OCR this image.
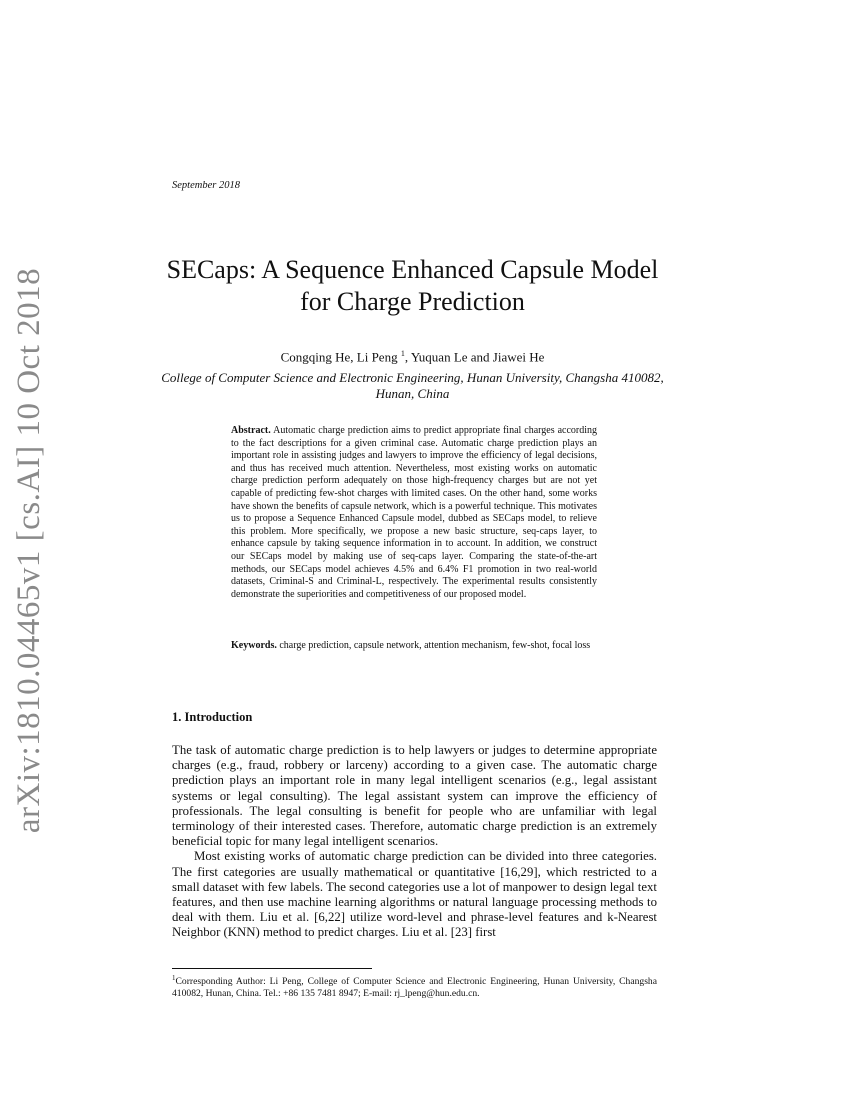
arXiv:1810.04465v1 [cs.AI] 10 Oct 2018
September 2018
SECaps: A Sequence Enhanced Capsule Model for Charge Prediction
Congqing He, Li Peng $^1$, Yuquan Le and Jiawei He
College of Computer Science and Electronic Engineering, Hunan University, Changsha 410082, Hunan, China
Abstract. Automatic charge prediction aims to predict appropriate final charges according to the fact descriptions for a given criminal case. Automatic charge prediction plays an important role in assisting judges and lawyers to improve the efficiency of legal decisions, and thus has received much attention. Nevertheless, most existing works on automatic charge prediction perform adequately on those high-frequency charges but are not yet capable of predicting few-shot charges with limited cases. On the other hand, some works have shown the benefits of capsule network, which is a powerful technique. This motivates us to propose a Sequence Enhanced Capsule model, dubbed as SECaps model, to relieve this problem. More specifically, we propose a new basic structure, seq-caps layer, to enhance capsule by taking sequence information in to account. In addition, we construct our SECaps model by making use of seq-caps layer. Comparing the state-of-the-art methods, our SECaps model achieves 4.5% and 6.4% F1 promotion in two real-world datasets, Criminal-S and Criminal-L, respectively. The experimental results consistently demonstrate the superiorities and competitiveness of our proposed model.
Keywords. charge prediction, capsule network, attention mechanism, few-shot, focal loss
1. Introduction

The task of automatic charge prediction is to help lawyers or judges to determine appropriate charges (e.g., fraud, robbery or larceny) according to a given case. The automatic charge prediction plays an important role in many legal intelligent scenarios (e.g., legal assistant systems or legal consulting). The legal assistant system can improve the efficiency of professionals. The legal consulting is benefit for people who are unfamiliar with legal terminology of their interested cases. Therefore, automatic charge prediction is an extremely beneficial topic for many legal intelligent scenarios.

Most existing works of automatic charge prediction can be divided into three categories. The first categories are usually mathematical or quantitative [16,29], which restricted to a small dataset with few labels. The second categories use a lot of manpower to design legal text features, and then use machine learning algorithms or natural language processing methods to deal with them. Liu et al. [6,22] utilize word-level and phrase-level features and k-Nearest Neighbor (KNN) method to predict charges. Liu et al. [23] first

$^1$Corresponding Author: Li Peng, College of Computer Science and Electronic Engineering, Hunan University, Changsha 410082, Hunan, China. Tel.: +86 135 7481 8947; E-mail: rj_lpeng@hun.edu.cn.
